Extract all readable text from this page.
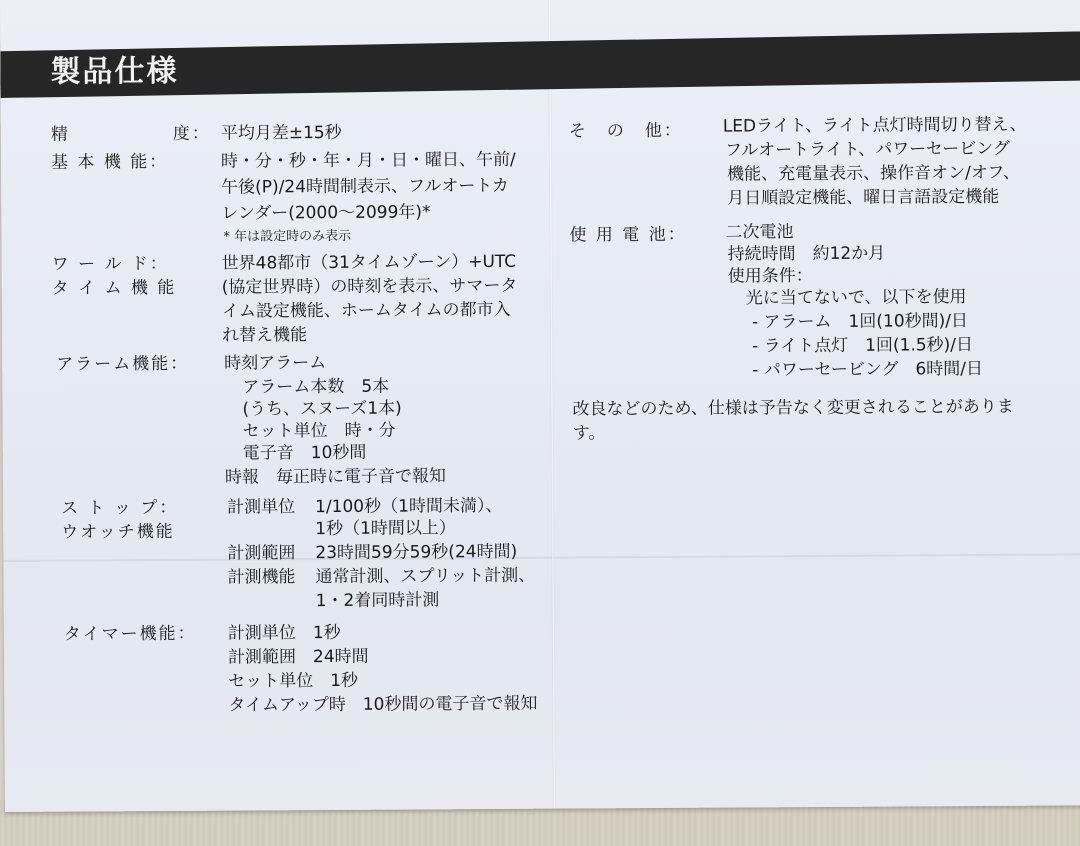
製品仕様
精	度： 平均月差±15秒
基 本 機 能：	時・分・秒・年・月・日・曜日、午前/
午後(P)/24時間制表示、フルオートカ
レンダー(2000～2099年)*
* 年は設定時のみ表示
ワ ー ル ド：
タ イ ム 機 能
世界48都市（31タイムゾーン）+UTC
(協定世界時）の時刻を表示、サマータ
イム設定機能、ホームタイムの都市入
れ替え機能
アラーム機能： 時刻アラーム
アラーム本数　5本
(うち、スヌーズ1本)
セット単位　時・分
電子音　10秒間
時報　毎正時に電子音で報知
ス ト ッ プ：
ウオッチ機能
計測単位 1/100秒（1時間未満）、
1秒（1時間以上）
計測範囲 23時間59分59秒(24時間)
計測機能 通常計測、スプリット計測、
1・2着同時計測
タイマー機能： 計測単位　1秒
計測範囲　24時間
セット単位　1秒
タイムアップ時　10秒間の電子音で報知
そ　の　他： LEDライト、ライト点灯時間切り替え、
フルオートライト、パワーセービング
機能、充電量表示、操作音オン/オフ、
月日順設定機能、曜日言語設定機能
使 用 電 池： 二次電池
持続時間　約12か月
使用条件：
光に当てないで、以下を使用
- アラーム　1回(10秒間)/日
- ライト点灯　1回(1.5秒)/日
- パワーセービング　6時間/日
改良などのため、仕様は予告なく変更されることがありま
す。
